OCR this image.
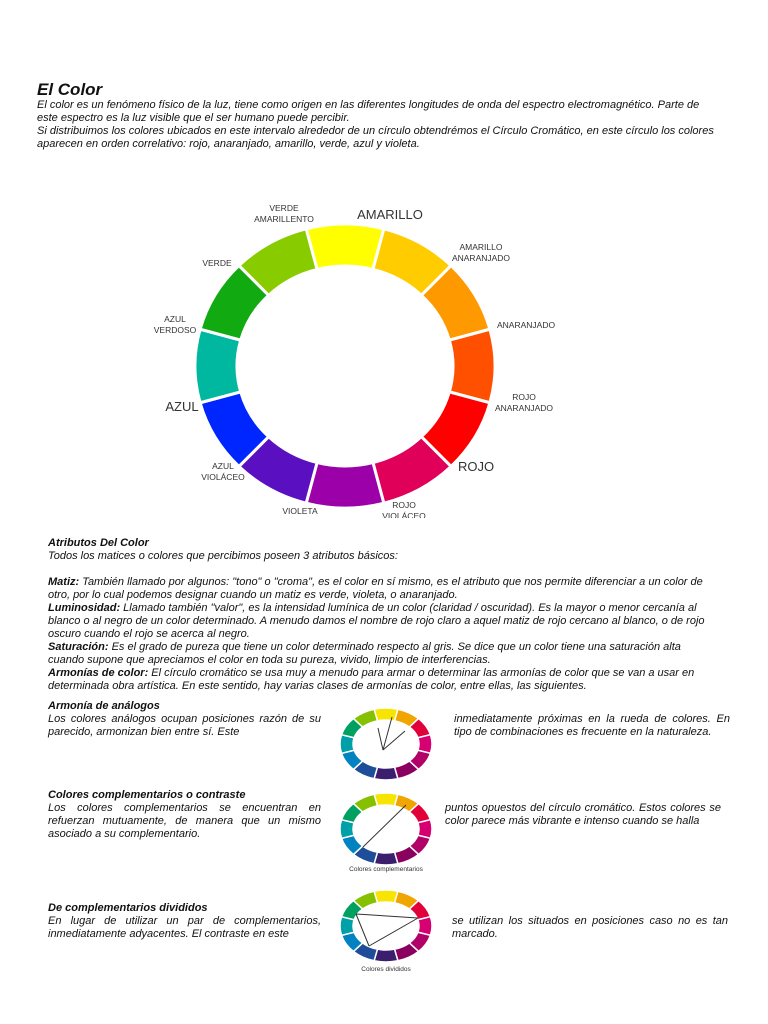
El Color

El color es un fenómeno físico de la luz, tiene como origen en las diferentes longitudes de onda del espectro electromagnético. Parte de este espectro es la luz visible que el ser humano puede percibir.

Si distribuimos los colores ubicados en este intervalo alrededor de un círculo obtendrémos el Círculo Cromático, en este círculo los colores aparecen en orden correlativo: rojo, anaranjado, amarillo, verde, azul y violeta.

AMARILLO
AMARILLO
ANARANJADO
ANARANJADO
ROJO
ANARANJADO
ROJO
ROJO
VIOLÁCEO
VIOLETA
AZUL
VIOLÁCEO
AZUL
AZUL
VERDOSO
VERDE
VERDE
AMARILLENTO

Atributos Del Color

Todos los matices o colores que percibimos poseen 3 atributos básicos:

Matiz: También llamado por algunos: "tono" o "croma", es el color en sí mismo, es el atributo que nos permite diferenciar a un color de otro, por lo cual podemos designar cuando un matiz es verde, violeta, o anaranjado.

Luminosidad: Llamado también "valor", es la intensidad lumínica de un color (claridad / oscuridad). Es la mayor o menor cercanía al blanco o al negro de un color determinado. A menudo damos el nombre de rojo claro a aquel matiz de rojo cercano al blanco, o de rojo oscuro cuando el rojo se acerca al negro.

Saturación: Es el grado de pureza que tiene un color determinado respecto al gris. Se dice que un color tiene una saturación alta cuando supone que apreciamos el color en toda su pureza, vivido, limpio de interferencias.

Armonías de color: El círculo cromático se usa muy a menudo para armar o determinar las armonías de color que se van a usar en determinada obra artística. En este sentido, hay varias clases de armonías de color, entre ellas, las siguientes.

Armonía de análogos
Los colores análogos ocupan posiciones razón de su parecido, armonizan bien entre sí. Este
inmediatamente próximas en la rueda de colores. En tipo de combinaciones es frecuente en la naturaleza.
Colores complementarios o contraste
Los colores complementarios se encuentran en refuerzan mutuamente, de manera que un mismo asociado a su complementario.
puntos opuestos del círculo cromático. Estos colores se color parece más vibrante e intenso cuando se halla
Colores complementarios
De complementarios divididos
En lugar de utilizar un par de complementarios, inmediatamente adyacentes. El contraste en este
se utilizan los situados en posiciones caso no es tan marcado.
Colores divididos
